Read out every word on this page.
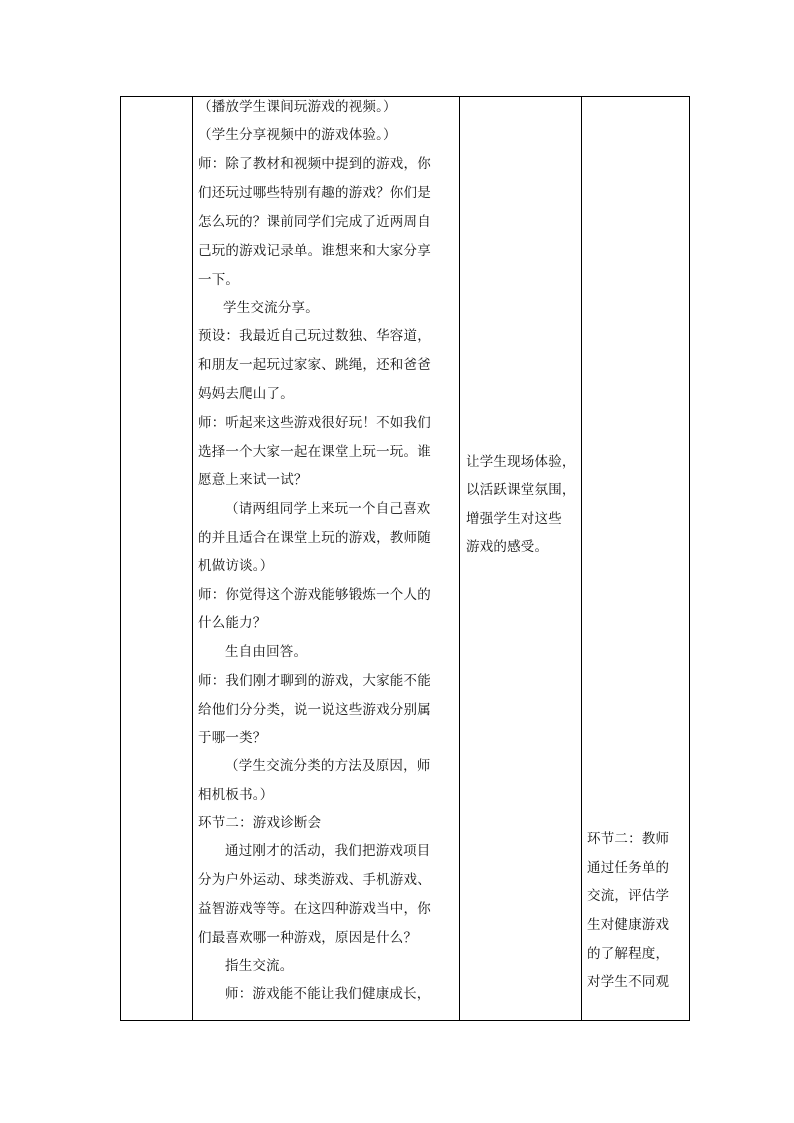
（播放学生课间玩游戏的视频。）
（学生分享视频中的游戏体验。）
师：除了教材和视频中提到的游戏，你
们还玩过哪些特别有趣的游戏？你们是
怎么玩的？课前同学们完成了近两周自
己玩的游戏记录单。谁想来和大家分享
一下。
学生交流分享。
预设：我最近自己玩过数独、华容道，
和朋友一起玩过家家、跳绳，还和爸爸
妈妈去爬山了。
师：听起来这些游戏很好玩！不如我们
选择一个大家一起在课堂上玩一玩。谁
愿意上来试一试？
（请两组同学上来玩一个自己喜欢
的并且适合在课堂上玩的游戏，教师随
机做访谈。）
师：你觉得这个游戏能够锻炼一个人的
什么能力？
生自由回答。
师：我们刚才聊到的游戏，大家能不能
给他们分分类，说一说这些游戏分别属
于哪一类？
（学生交流分类的方法及原因，师
相机板书。）
环节二：游戏诊断会
通过刚才的活动，我们把游戏项目
分为户外运动、球类游戏、手机游戏、
益智游戏等等。在这四种游戏当中，你
们最喜欢哪一种游戏，原因是什么？
指生交流。
师：游戏能不能让我们健康成长，
让学生现场体验，
以活跃课堂氛围，
增强学生对这些
游戏的感受。
环节二：教师
通过任务单的
交流，评估学
生对健康游戏
的了解程度，
对学生不同观
